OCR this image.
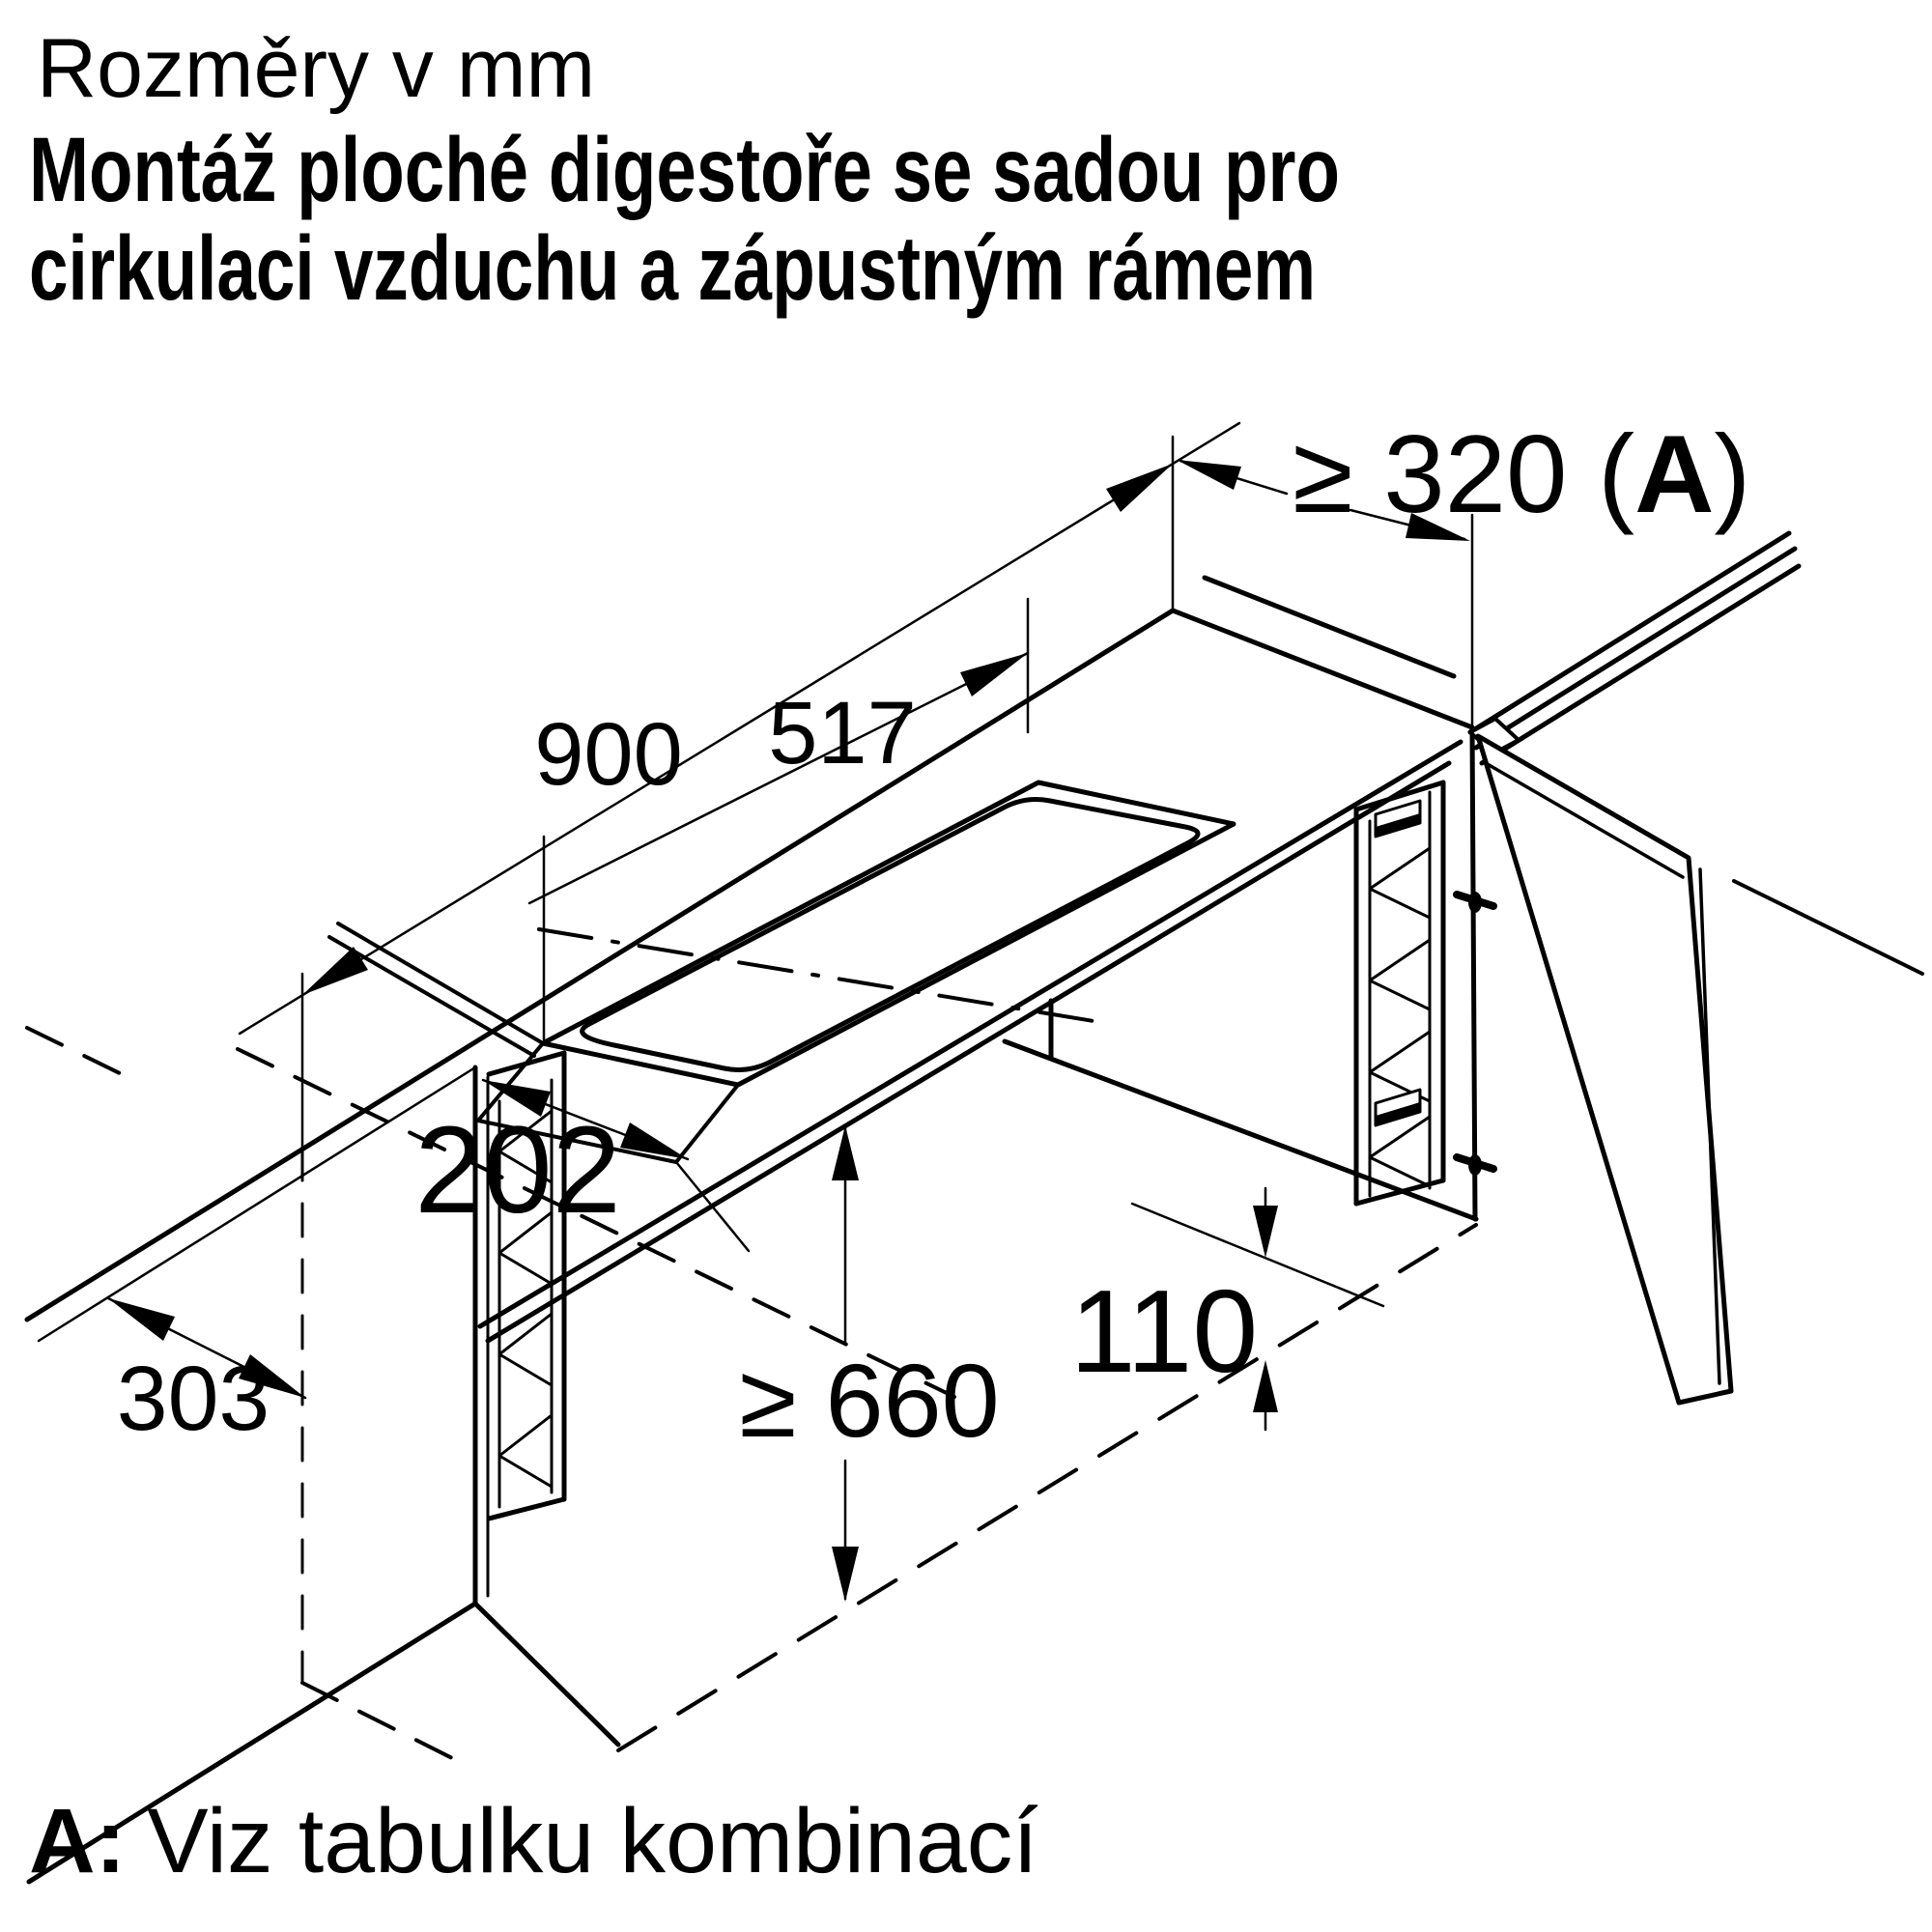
Rozměry v mm
Montáž ploché digestoře se sadou pro
cirkulaci vzduchu a zápustným rámem
900 517
202
303	≥ 660
110
≥ 320 (A)
A: Viz tabulku kombinací
